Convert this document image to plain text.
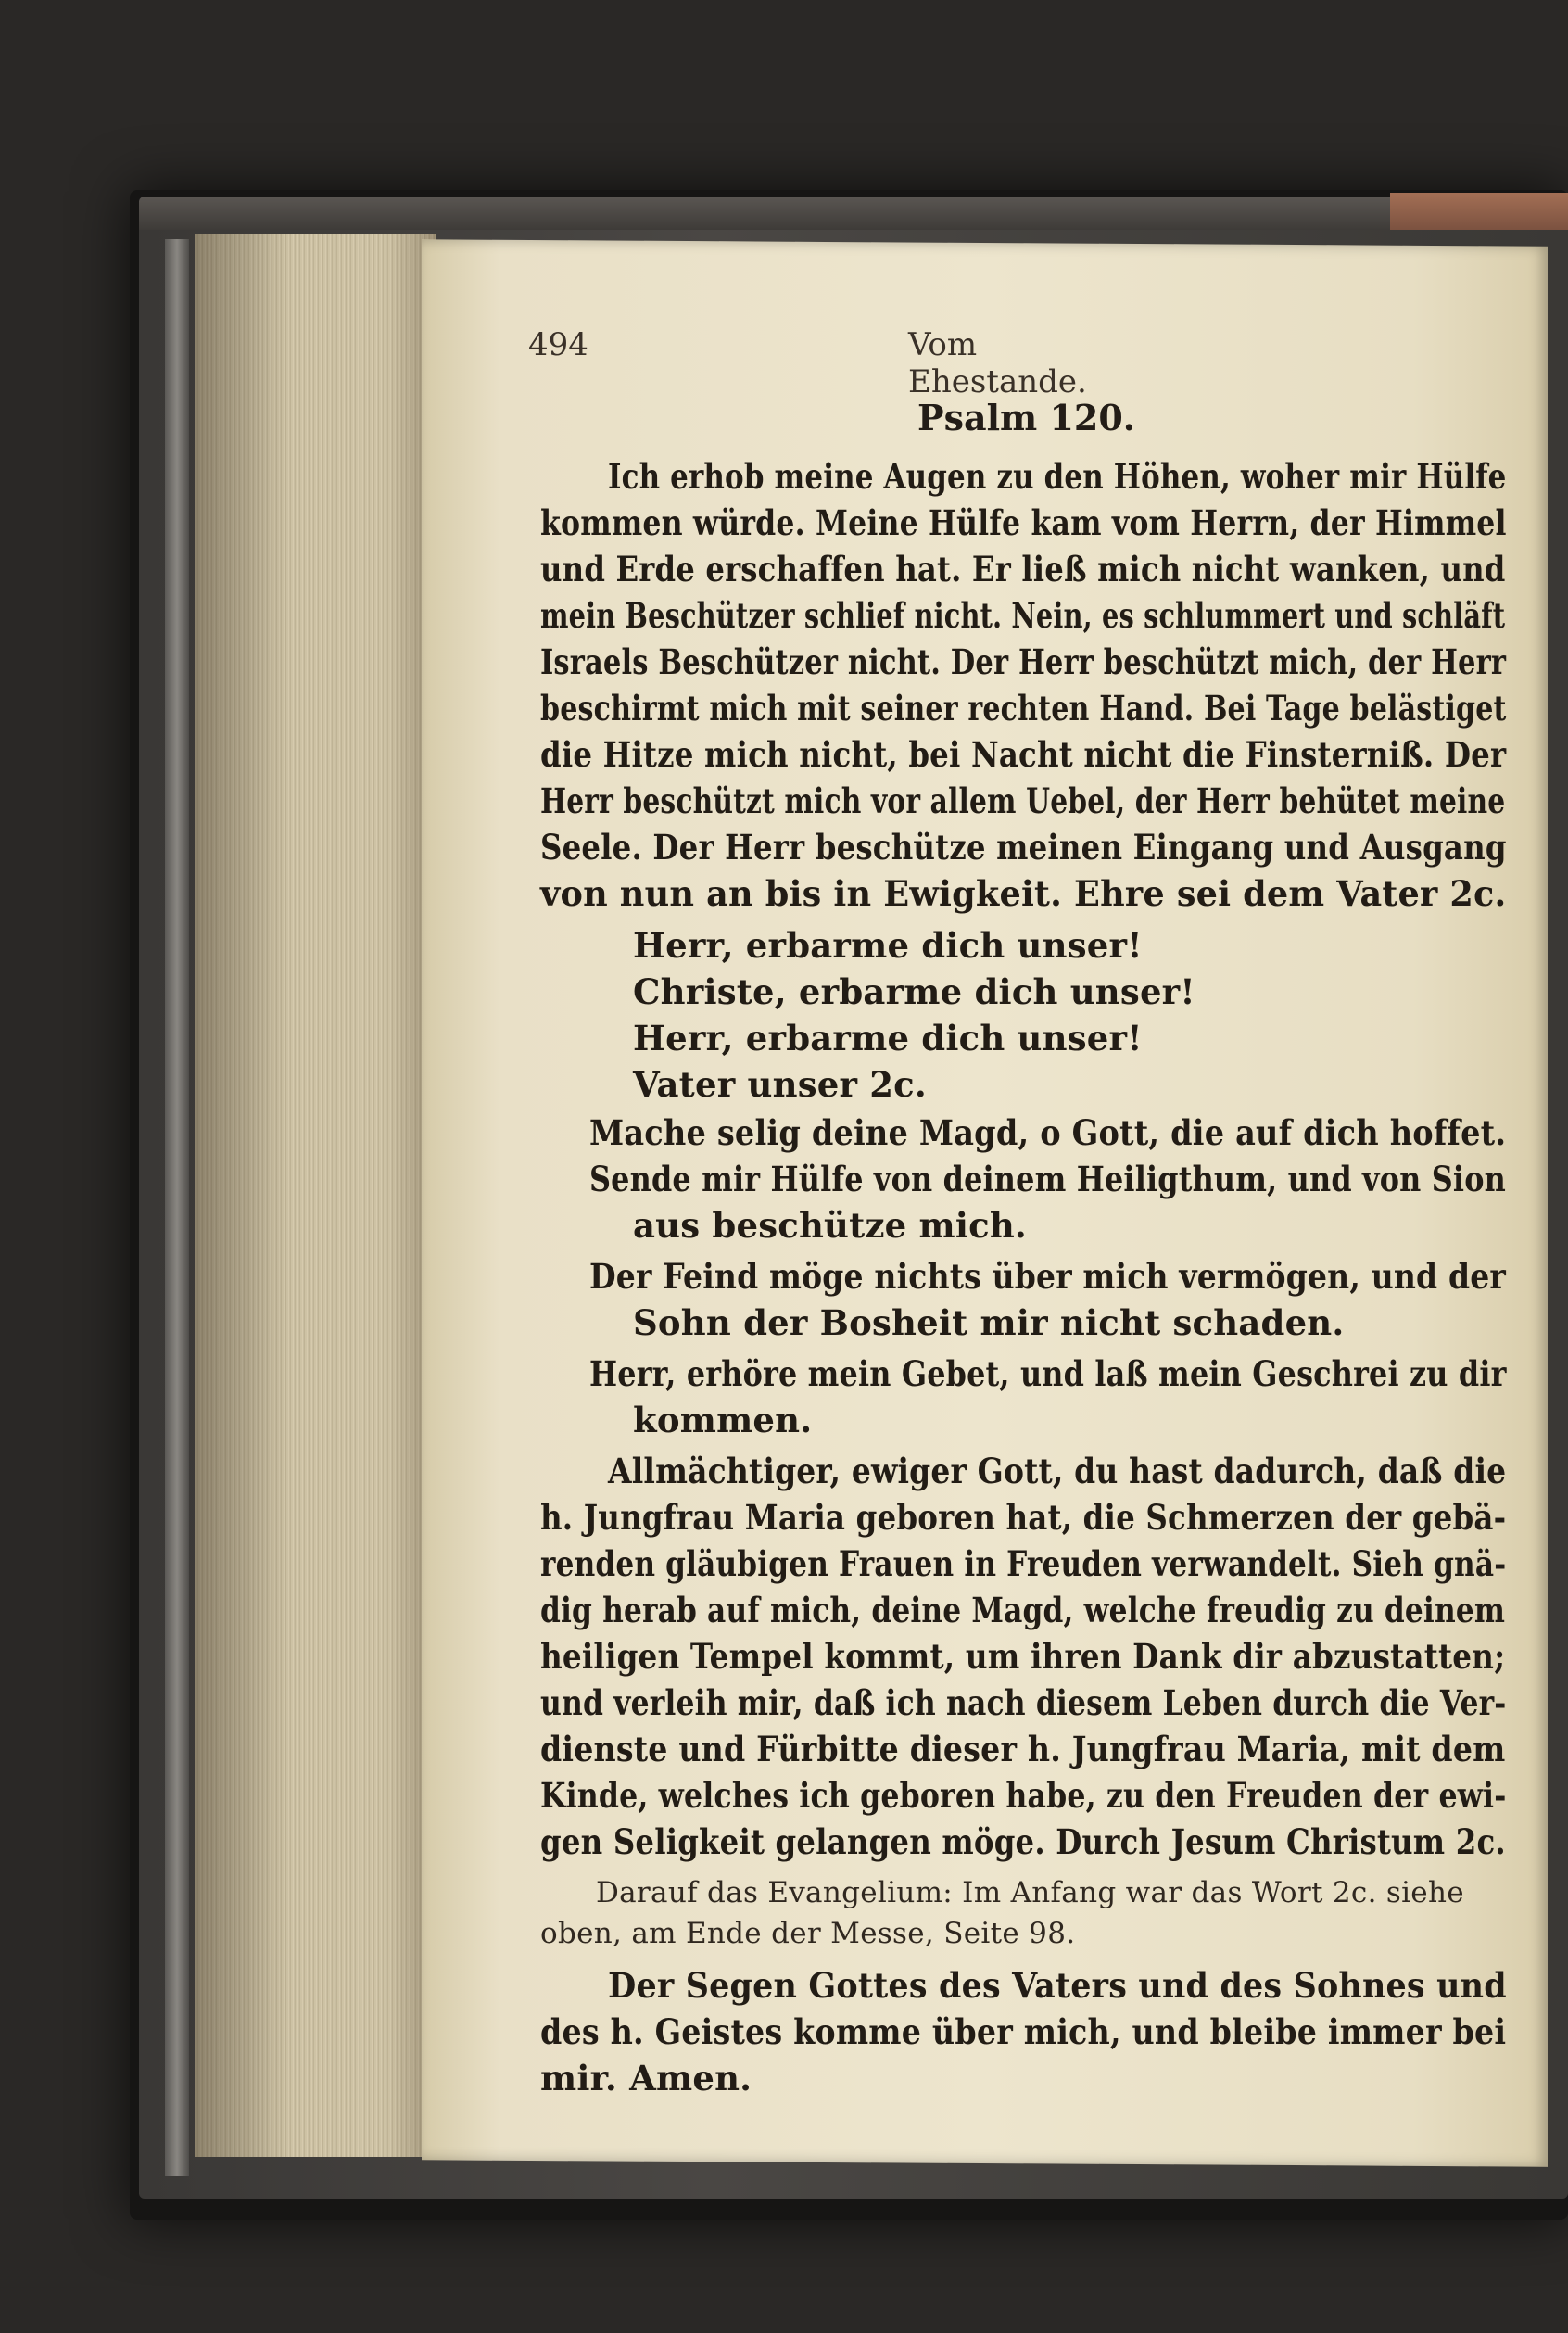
494	Vom Ehestande.
Psalm 120.
Ich erhob meine Augen zu den Höhen, woher mir Hülfe
kommen würde. Meine Hülfe kam vom Herrn, der Himmel
und Erde erschaffen hat. Er ließ mich nicht wanken, und
mein Beschützer schlief nicht. Nein, es schlummert und schläft
Israels Beschützer nicht. Der Herr beschützt mich, der Herr
beschirmt mich mit seiner rechten Hand. Bei Tage belästiget
die Hitze mich nicht, bei Nacht nicht die Finsterniß. Der
Herr beschützt mich vor allem Uebel, der Herr behütet meine
Seele. Der Herr beschütze meinen Eingang und Ausgang
von nun an bis in Ewigkeit. Ehre sei dem Vater 2c.
Herr, erbarme dich unser!
Christe, erbarme dich unser!
Herr, erbarme dich unser!
Vater unser 2c.
Mache selig deine Magd, o Gott, die auf dich hoffet.
Sende mir Hülfe von deinem Heiligthum, und von Sion
aus beschütze mich.
Der Feind möge nichts über mich vermögen, und der
Sohn der Bosheit mir nicht schaden.
Herr, erhöre mein Gebet, und laß mein Geschrei zu dir
kommen.
Allmächtiger, ewiger Gott, du hast dadurch, daß die
h. Jungfrau Maria geboren hat, die Schmerzen der gebä-
renden gläubigen Frauen in Freuden verwandelt. Sieh gnä-
dig herab auf mich, deine Magd, welche freudig zu deinem
heiligen Tempel kommt, um ihren Dank dir abzustatten;
und verleih mir, daß ich nach diesem Leben durch die Ver-
dienste und Fürbitte dieser h. Jungfrau Maria, mit dem
Kinde, welches ich geboren habe, zu den Freuden der ewi-
gen Seligkeit gelangen möge. Durch Jesum Christum 2c.
Darauf das Evangelium: Im Anfang war das Wort 2c. siehe
oben, am Ende der Messe, Seite 98.
Der Segen Gottes des Vaters und des Sohnes und
des h. Geistes komme über mich, und bleibe immer bei
mir. Amen.
